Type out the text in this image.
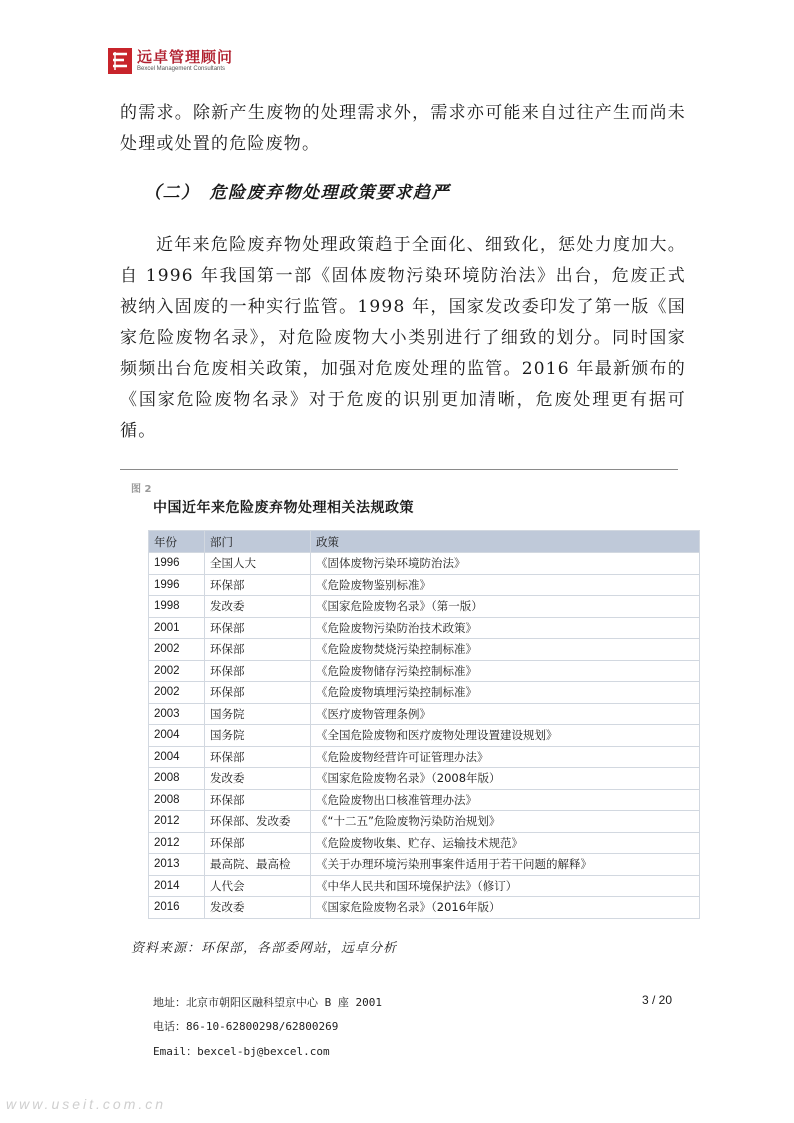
远卓管理顾问
Bexcel Management Consultants
的需求。除新产生废物的处理需求外，需求亦可能来自过往产生而尚未处理或处置的危险废物。
（二）　危险废弃物处理政策要求趋严
近年来危险废弃物处理政策趋于全面化、细致化，惩处力度加大。自 1996 年我国第一部《固体废物污染环境防治法》出台，危废正式被纳入固废的一种实行监管。1998 年，国家发改委印发了第一版《国家危险废物名录》，对危险废物大小类别进行了细致的划分。同时国家频频出台危废相关政策，加强对危废处理的监管。2016 年最新颁布的《国家危险废物名录》对于危废的识别更加清晰，危废处理更有据可循。
图 2
中国近年来危险废弃物处理相关法规政策
年份	部门	政策
1996	全国人大	《固体废物污染环境防治法》
1996	环保部	《危险废物鉴别标准》
1998	发改委	《国家危险废物名录》（第一版）
2001	环保部	《危险废物污染防治技术政策》
2002	环保部	《危险废物焚烧污染控制标准》
2002	环保部	《危险废物储存污染控制标准》
2002	环保部	《危险废物填埋污染控制标准》
2003	国务院	《医疗废物管理条例》
2004	国务院	《全国危险废物和医疗废物处理设置建设规划》
2004	环保部	《危险废物经营许可证管理办法》
2008	发改委	《国家危险废物名录》（2008年版）
2008	环保部	《危险废物出口核准管理办法》
2012	环保部、发改委	《“十二五”危险废物污染防治规划》
2012	环保部	《危险废物收集、贮存、运输技术规范》
2013	最高院、最高检	《关于办理环境污染刑事案件适用于若干问题的解释》
2014	人代会	《中华人民共和国环境保护法》（修订）
2016	发改委	《国家危险废物名录》（2016年版）
资料来源：环保部，各部委网站，远卓分析
地址：北京市朝阳区融科望京中心 B 座 2001
电话：86-10-62800298/62800269
Email：bexcel-bj@bexcel.com
3 / 20
www.useit.com.cn
